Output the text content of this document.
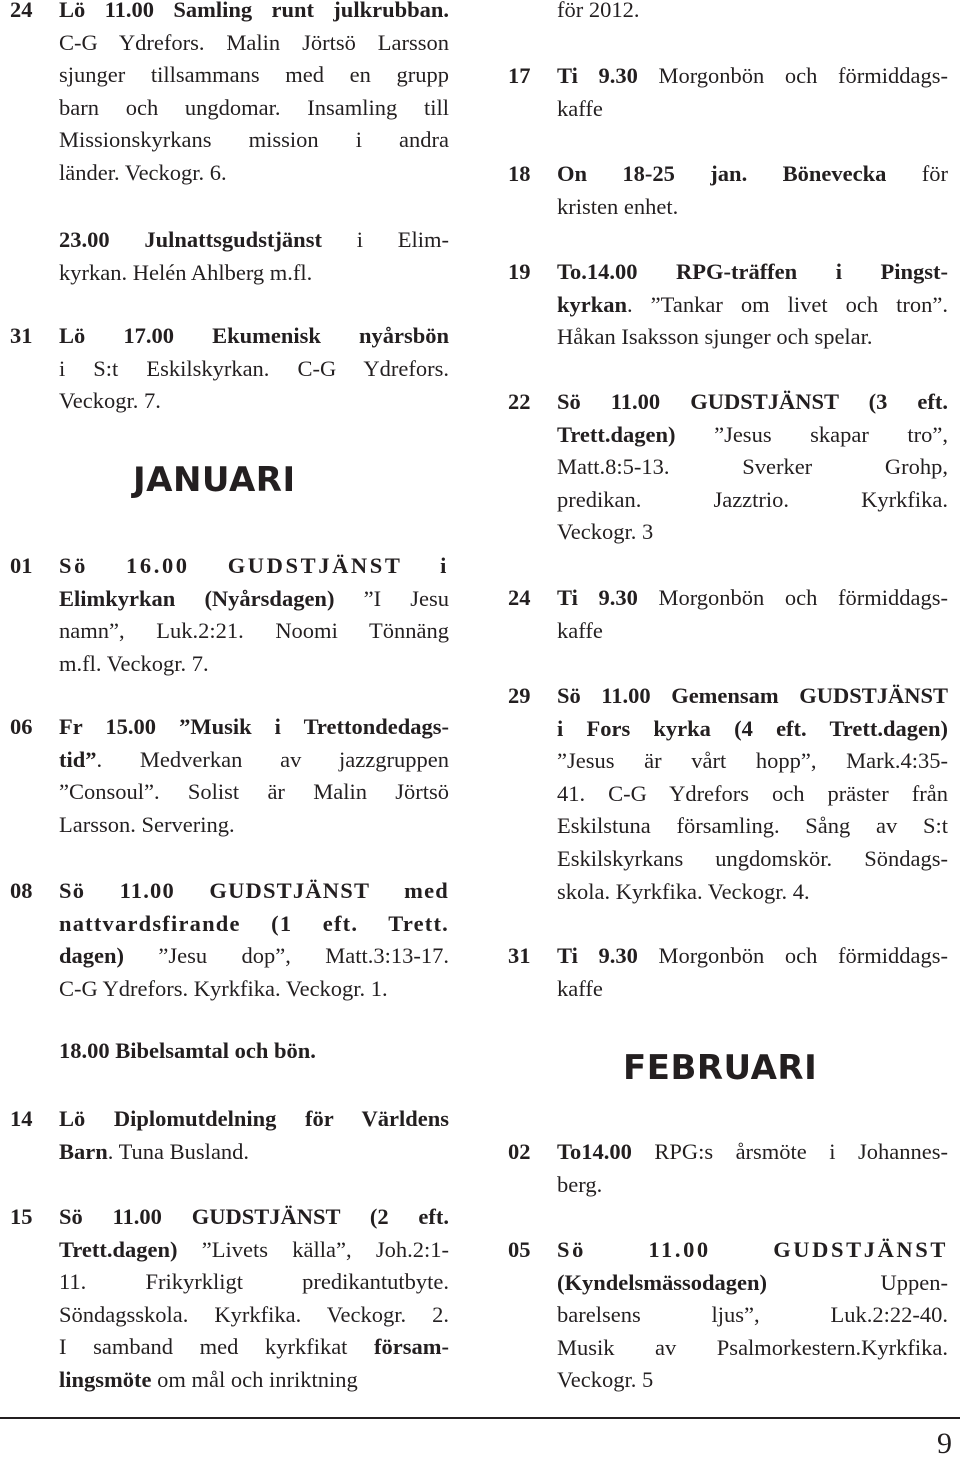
24 Lö 11.00 Samling runt julkrubban.
C-G Ydrefors. Malin Jörtsö Larsson
sjunger tillsammans med en grupp
barn och ungdomar. Insamling till
Missionskyrkans mission i andra
länder. Veckogr. 6.
23.00 Julnattsgudstjänst i Elim-
kyrkan. Helén Ahlberg m.fl.
31 Lö 17.00 Ekumenisk nyårsbön
i S:t Eskilskyrkan. C-G Ydrefors.
Veckogr. 7.
01 Sö 16.00 GUDSTJÄNST i
Elimkyrkan (Nyårsdagen) ”I Jesu
namn”, Luk.2:21. Noomi Tönnäng
m.fl. Veckogr. 7.
06 Fr 15.00 ”Musik i Trettondedags-
tid”. Medverkan av jazzgruppen
”Consoul”. Solist är Malin Jörtsö
Larsson. Servering.
08 Sö 11.00 GUDSTJÄNST med
nattvardsfirande (1 eft. Trett.
dagen) ”Jesu dop”, Matt.3:13-17.
C-G Ydrefors. Kyrkfika. Veckogr. 1.
18.00 Bibelsamtal och bön.
14 Lö Diplomutdelning för Världens
Barn. Tuna Busland.
15 Sö 11.00 GUDSTJÄNST (2 eft.
Trett.dagen) ”Livets källa”, Joh.2:1-
11. Frikyrkligt predikantutbyte.
Söndagsskola. Kyrkfika. Veckogr. 2.
I samband med kyrkfikat försam-
lingsmöte om mål och inriktning
för 2012.
17 Ti 9.30 Morgonbön och förmiddags-
kaffe
18 On 18-25 jan. Bönevecka för
kristen enhet.
19 To.14.00 RPG-träffen i Pingst-
kyrkan. ”Tankar om livet och tron”.
Håkan Isaksson sjunger och spelar.
22 Sö 11.00 GUDSTJÄNST (3 eft.
Trett.dagen) ”Jesus skapar tro”,
Matt.8:5-13. Sverker Grohp,
predikan. Jazztrio. Kyrkfika.
Veckogr. 3
24 Ti 9.30 Morgonbön och förmiddags-
kaffe
29 Sö 11.00 Gemensam GUDSTJÄNST
i Fors kyrka (4 eft. Trett.dagen)
”Jesus är vårt hopp”, Mark.4:35-
41. C-G Ydrefors och präster från
Eskilstuna församling. Sång av S:t
Eskilskyrkans ungdomskör. Söndags-
skola. Kyrkfika. Veckogr. 4.
31 Ti 9.30 Morgonbön och förmiddags-
kaffe
02 To14.00 RPG:s årsmöte i Johannes-
berg.
05 Sö 11.00 GUDSTJÄNST
(Kyndelsmässodagen) Uppen-
barelsens ljus”, Luk.2:22-40.
Musik av Psalmorkestern.Kyrkfika.
Veckogr. 5
JANUARI
FEBRUARI
9
